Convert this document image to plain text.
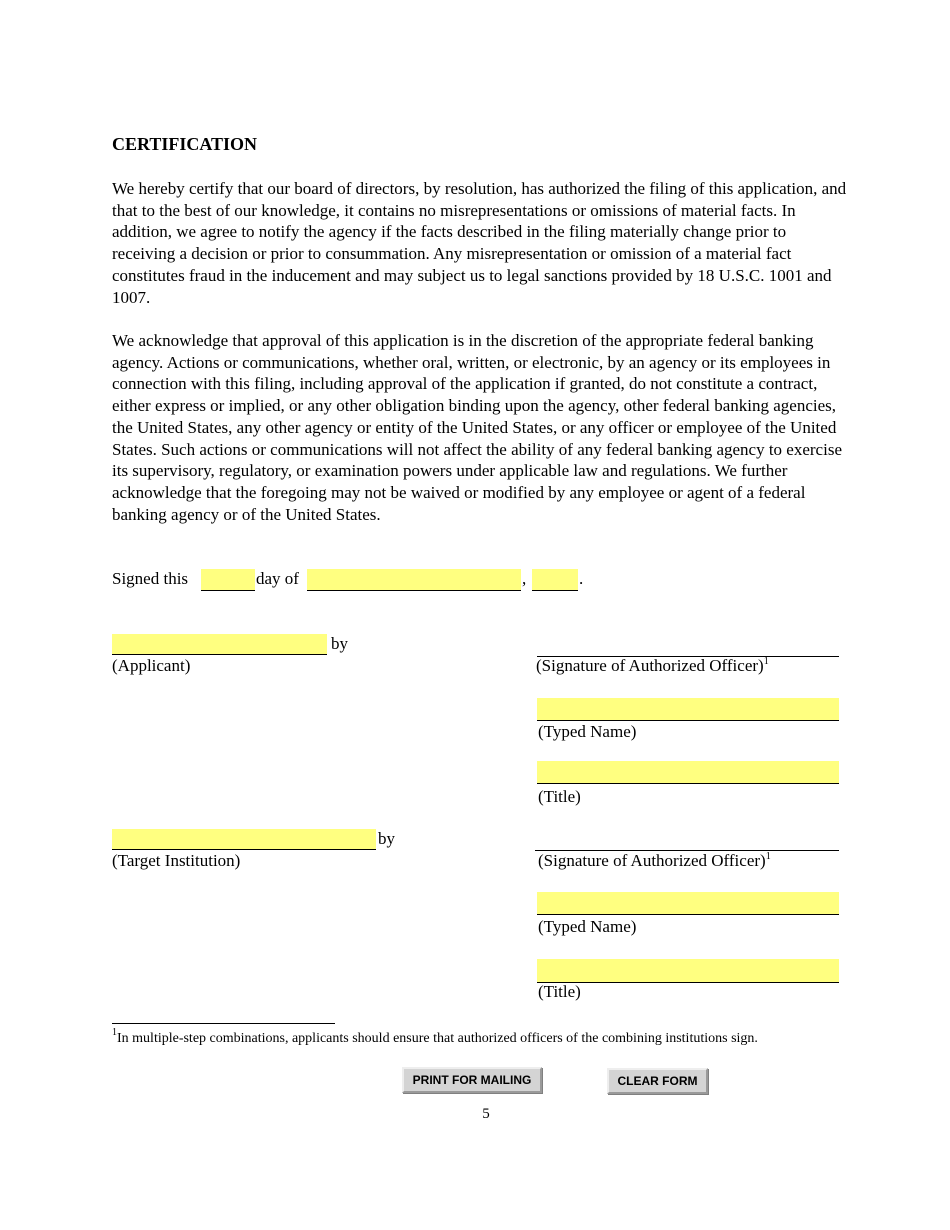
CERTIFICATION
We hereby certify that our board of directors, by resolution, has authorized the filing of this application, and that to the best of our knowledge, it contains no misrepresentations or omissions of material facts. In addition, we agree to notify the agency if the facts described in the filing materially change prior to receiving a decision or prior to consummation. Any misrepresentation or omission of a material fact constitutes fraud in the inducement and may subject us to legal sanctions provided by 18 U.S.C. 1001 and 1007.
We acknowledge that approval of this application is in the discretion of the appropriate federal banking agency. Actions or communications, whether oral, written, or electronic, by an agency or its employees in connection with this filing, including approval of the application if granted, do not constitute a contract, either express or implied, or any other obligation binding upon the agency, other federal banking agencies, the United States, any other agency or entity of the United States, or any officer or employee of the United States. Such actions or communications will not affect the ability of any federal banking agency to exercise its supervisory, regulatory, or examination powers under applicable law and regulations. We further acknowledge that the foregoing may not be waived or modified by any employee or agent of a federal banking agency or of the United States.
Signed this	day of	,	.
by
(Applicant)	(Signature of Authorized Officer)$^1$
(Typed Name)
(Title)
by
(Target Institution)	(Signature of Authorized Officer)$^1$
(Typed Name)
(Title)
$^1$In multiple-step combinations, applicants should ensure that authorized officers of the combining institutions sign.
PRINT FOR MAILING	CLEAR FORM
5
